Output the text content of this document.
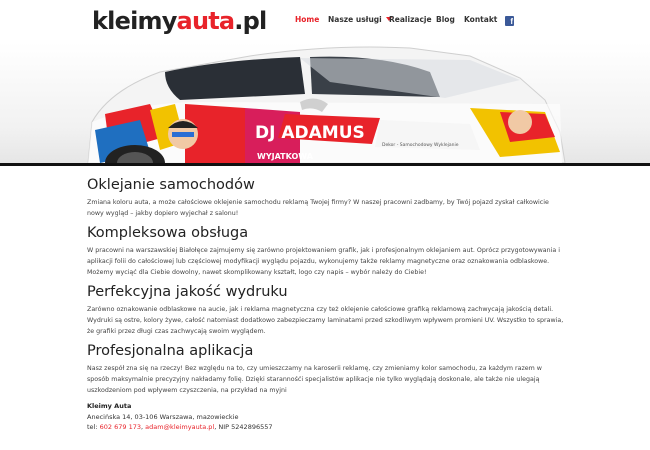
kleimyauta.pl	Home Nasze usługi Realizacje Blog Kontakt	f
DJ ADAMUS
WYJATKOWA
Dekor - Samochodowy Wyklejanie
Oklejanie samochodów

Zmiana koloru auta, a może całościowe oklejenie samochodu reklamą Twojej firmy? W naszej pracowni zadbamy, by Twój pojazd zyskał całkowicie nowy wygląd – jakby dopiero wyjechał z salonu!

Kompleksowa obsługa

W pracowni na warszawskiej Białołęce zajmujemy się zarówno projektowaniem grafik, jak i profesjonalnym oklejaniem aut. Oprócz przygotowywania i aplikacji folii do całościowej lub częściowej modyfikacji wyglądu pojazdu, wykonujemy także reklamy magnetyczne oraz oznakowania odblaskowe. Możemy wyciąć dla Ciebie dowolny, nawet skomplikowany kształt, logo czy napis – wybór należy do Ciebie!

Perfekcyjna jakość wydruku

Zarówno oznakowanie odblaskowe na aucie, jak i reklama magnetyczna czy też oklejenie całościowe grafiką reklamową zachwycają jakością detali. Wydruki są ostre, kolory żywe, całość natomiast dodatkowo zabezpieczamy laminatami przed szkodliwym wpływem promieni UV. Wszystko to sprawia, że grafiki przez długi czas zachwycają swoim wyglądem.

Profesjonalna aplikacja

Nasz zespół zna się na rzeczy! Bez względu na to, czy umieszczamy na karoserii reklamę, czy zmieniamy kolor samochodu, za każdym razem w sposób maksymalnie precyzyjny nakładamy folię. Dzięki starannośći specjalistów aplikacje nie tylko wyglądają doskonale, ale także nie ulegają uszkodzeniom pod wpływem czyszczenia, na przykład na myjni

Kleimy Auta
Anecińska 14, 03-106 Warszawa, mazowieckie
tel: 602 679 173, adam@kleimyauta.pl, NIP 5242896557
